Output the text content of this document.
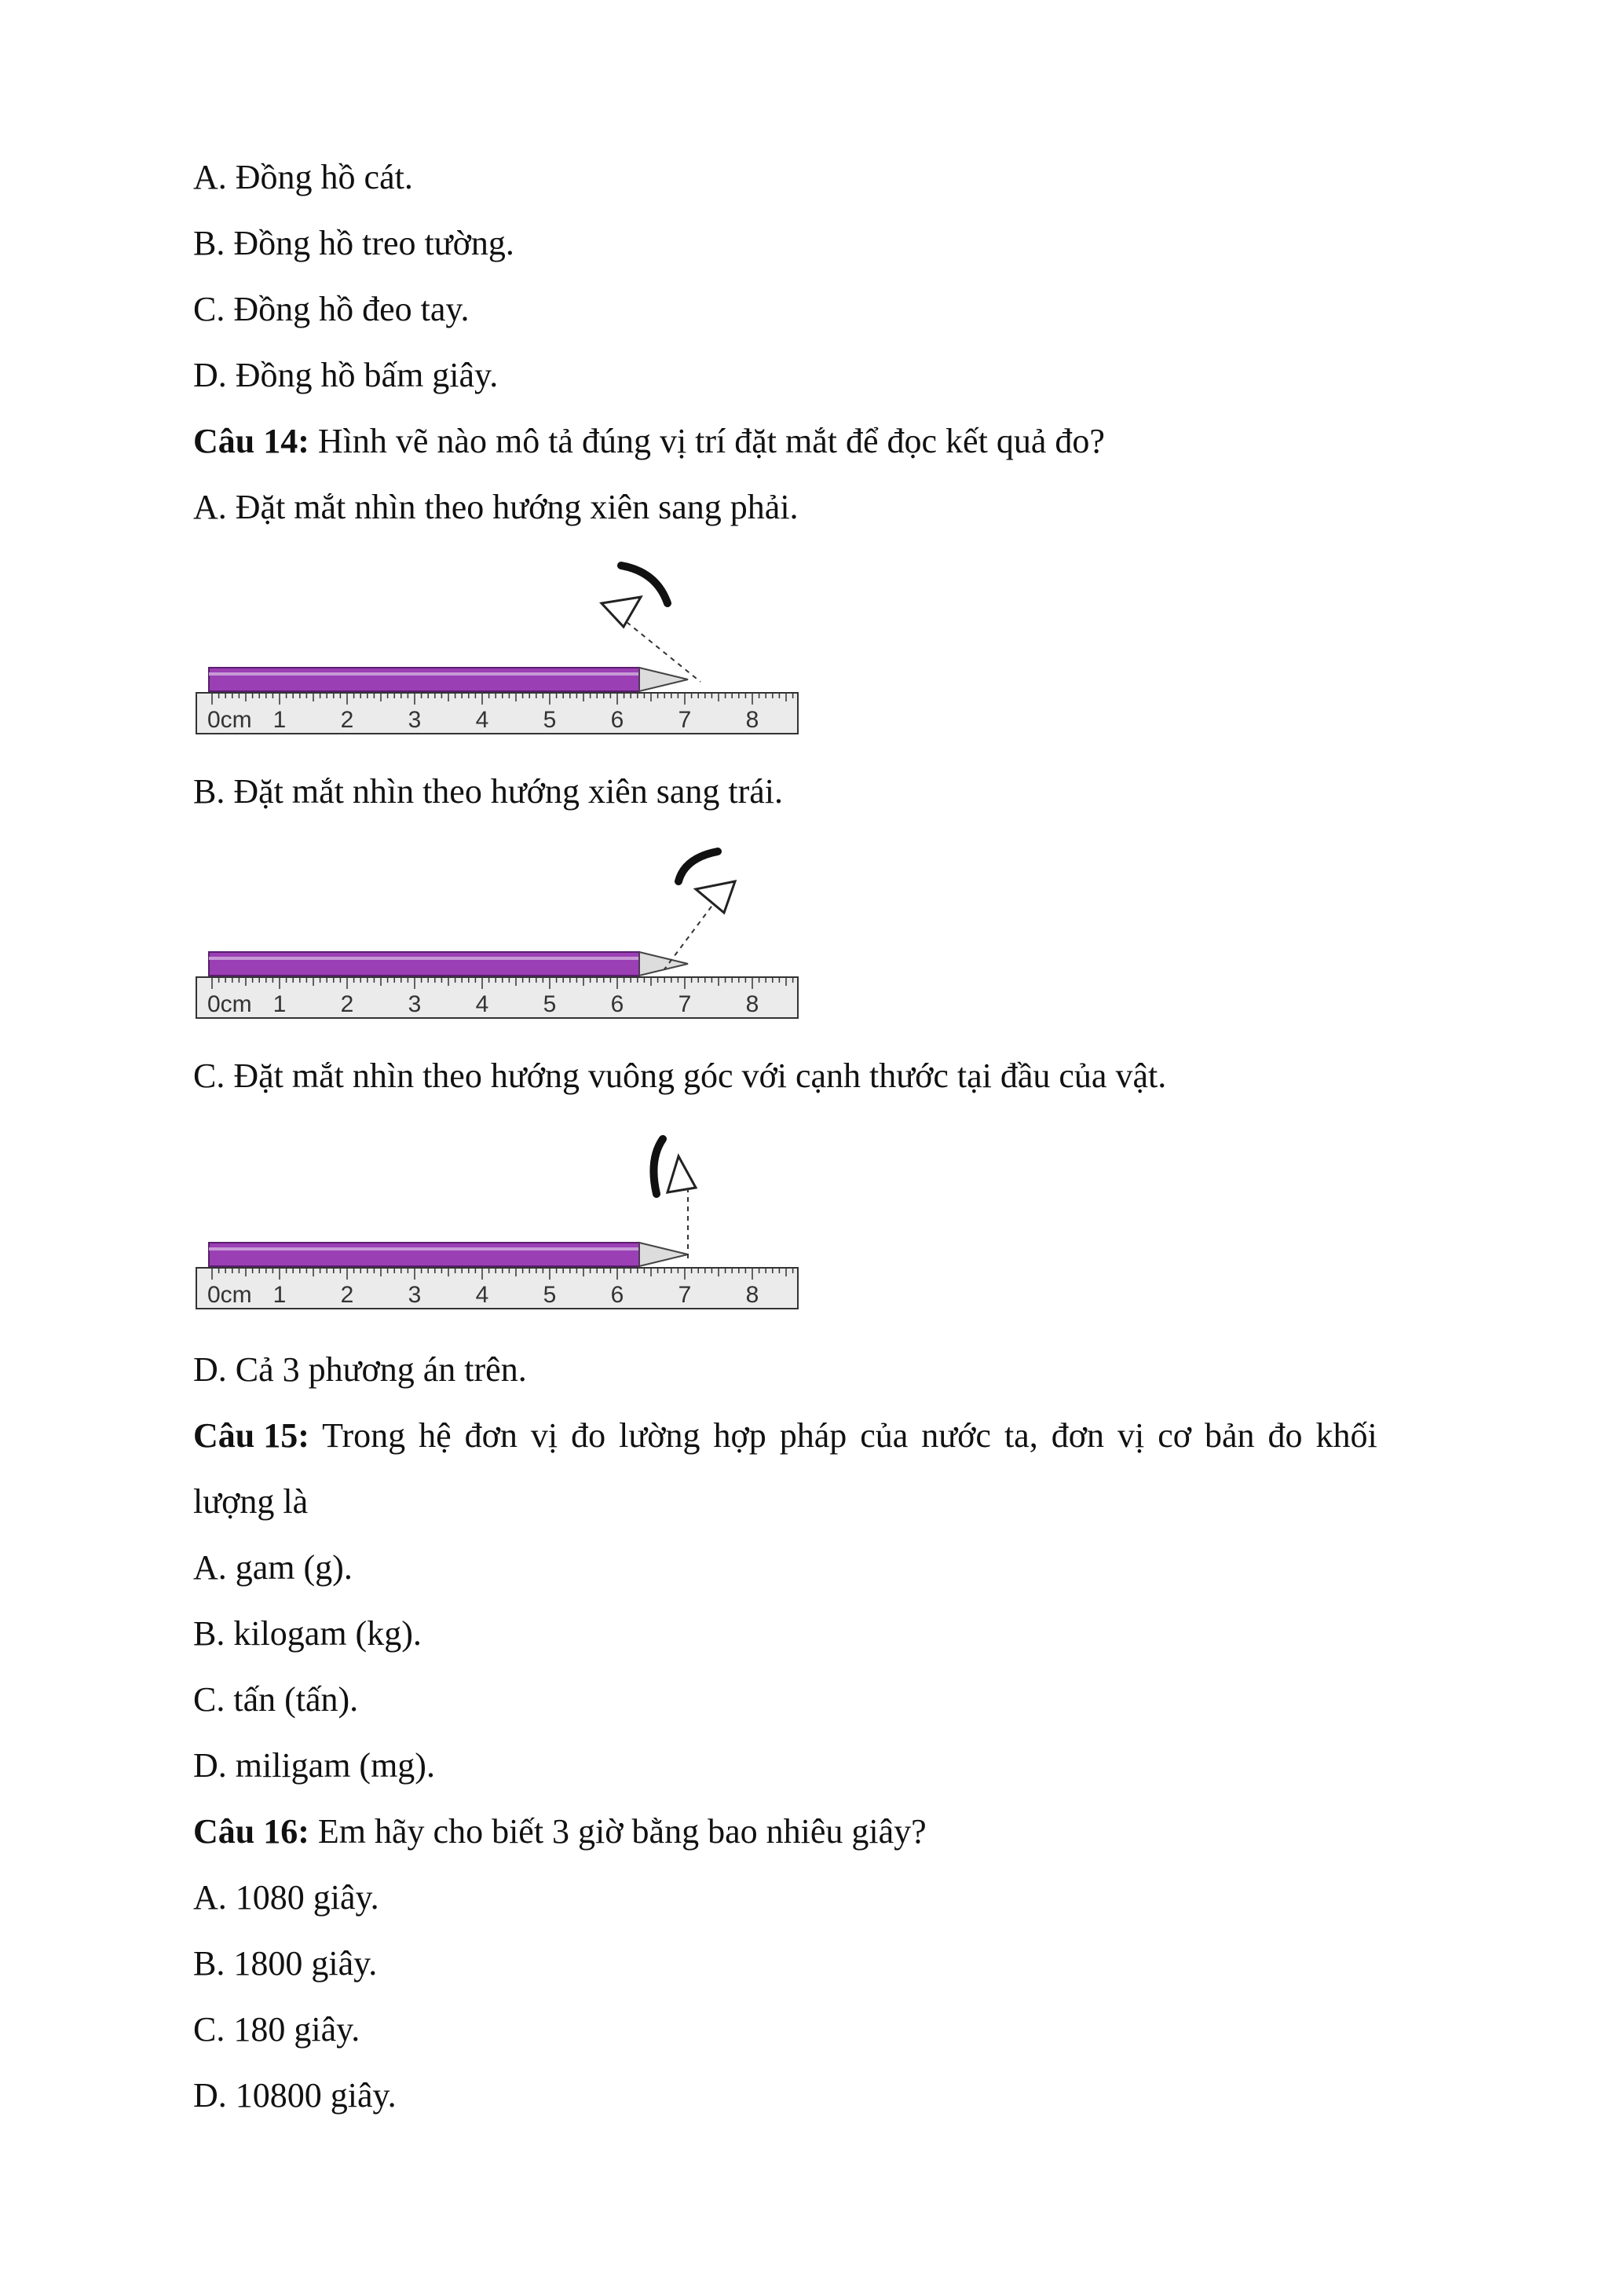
A. Đồng hồ cát.
B. Đồng hồ treo tường.
C. Đồng hồ đeo tay.
D. Đồng hồ bấm giây.
Câu 14: Hình vẽ nào mô tả đúng vị trí đặt mắt để đọc kết quả đo?
A. Đặt mắt nhìn theo hướng xiên sang phải.
0cm 1 2 3 4 5 6 7 8
B. Đặt mắt nhìn theo hướng xiên sang trái.
0cm 1 2 3 4 5 6 7 8
C. Đặt mắt nhìn theo hướng vuông góc với cạnh thước tại đầu của vật.
0cm 1 2 3 4 5 6 7 8
D. Cả 3 phương án trên.
Câu 15: Trong hệ đơn vị đo lường hợp pháp của nước ta, đơn vị cơ bản đo khối
lượng là
A. gam (g).
B. kilogam (kg).
C. tấn (tấn).
D. miligam (mg).
Câu 16: Em hãy cho biết 3 giờ bằng bao nhiêu giây?
A. 1080 giây.
B. 1800 giây.
C. 180 giây.
D. 10800 giây.
